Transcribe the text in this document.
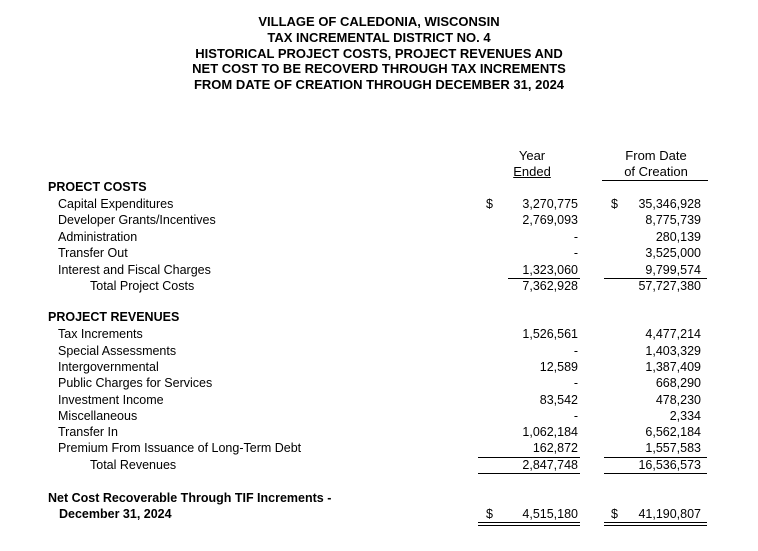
VILLAGE OF CALEDONIA, WISCONSIN
TAX INCREMENTAL DISTRICT NO. 4
HISTORICAL PROJECT COSTS, PROJECT REVENUES AND
NET COST TO BE RECOVERD THROUGH TAX INCREMENTS
FROM DATE OF CREATION THROUGH DECEMBER 31, 2024
Year
Ended
From Date
of Creation
PROECT COSTS
Capital Expenditures	$ 3,270,775	$ 35,346,928
Developer Grants/Incentives	2,769,093	8,775,739
Administration	-	280,139
Transfer Out	-	3,525,000
Interest and Fiscal Charges	1,323,060	9,799,574
Total Project Costs	7,362,928	57,727,380
PROJECT REVENUES
Tax Increments	1,526,561	4,477,214
Special Assessments	-	1,403,329
Intergovernmental	12,589	1,387,409
Public Charges for Services	-	668,290
Investment Income	83,542	478,230
Miscellaneous	-	2,334
Transfer In	1,062,184	6,562,184
Premium From Issuance of Long-Term Debt	162,872	1,557,583
Total Revenues	2,847,748	16,536,573
Net Cost Recoverable Through TIF Increments -
December 31, 2024	$ 4,515,180	$ 41,190,807
